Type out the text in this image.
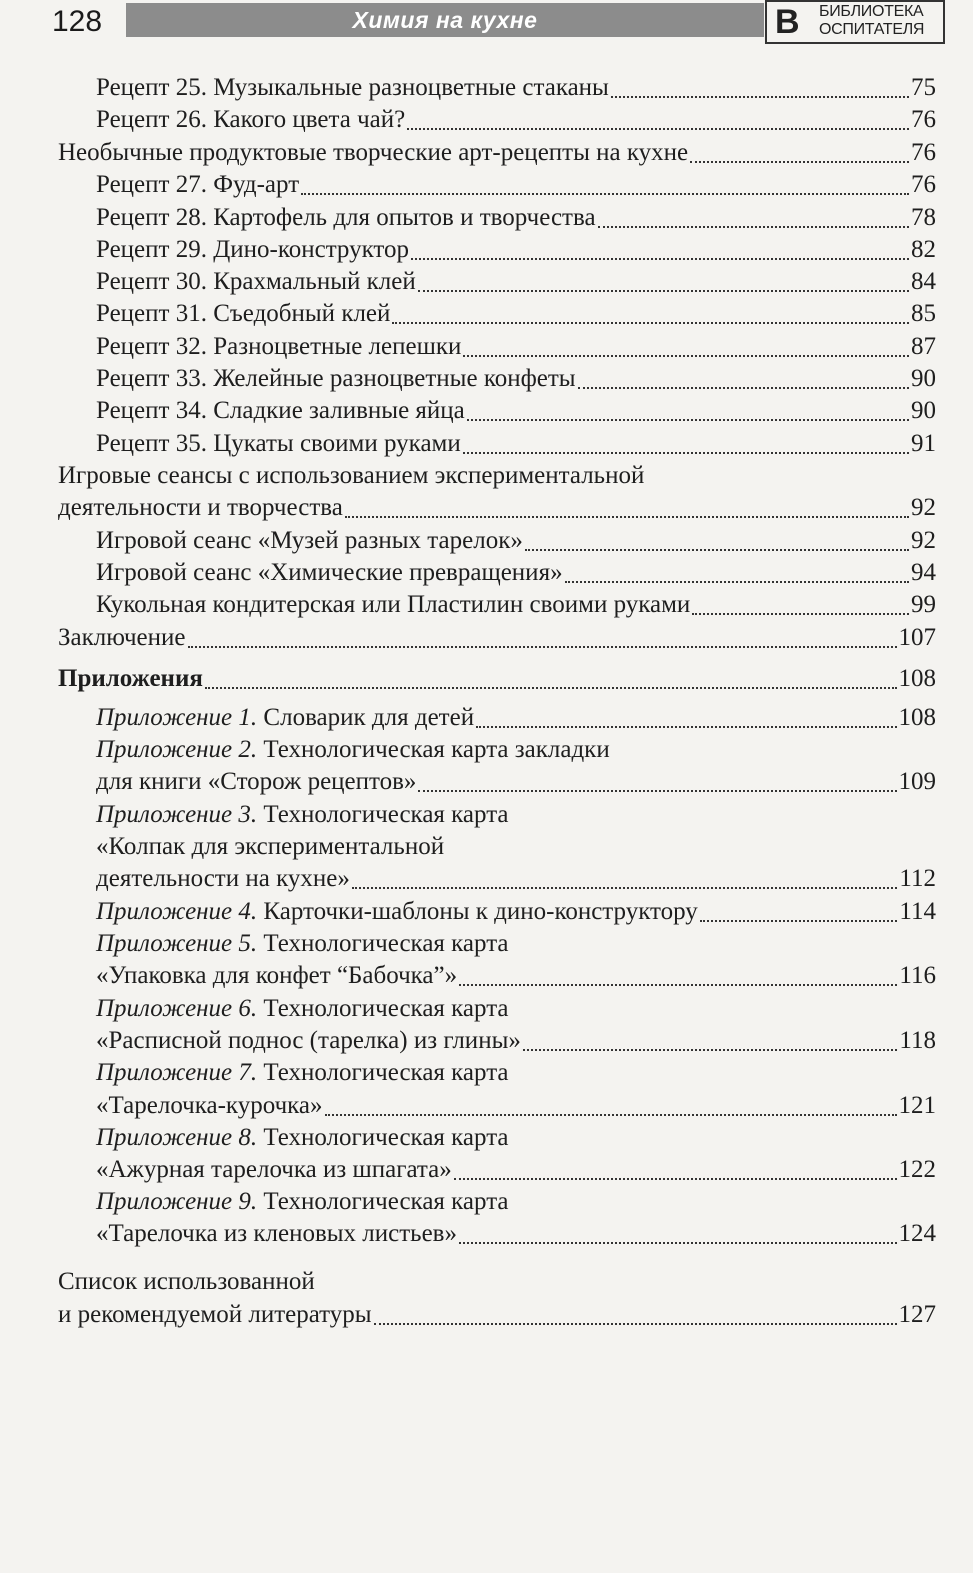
128	Химия на кухне	В	БИБЛИОТЕКА
ОСПИТАТЕЛЯ
Рецепт 25. Музыкальные разноцветные стаканы	75
Рецепт 26. Какого цвета чай?	76
Необычные продуктовые творческие арт-рецепты на кухне	76
Рецепт 27. Фуд-арт	76
Рецепт 28. Картофель для опытов и творчества	78
Рецепт 29. Дино-конструктор	82
Рецепт 30. Крахмальный клей	84
Рецепт 31. Съедобный клей	85
Рецепт 32. Разноцветные лепешки	87
Рецепт 33. Желейные разноцветные конфеты	90
Рецепт 34. Сладкие заливные яйца	90
Рецепт 35. Цукаты своими руками	91
Игровые сеансы с использованием экспериментальной
деятельности и творчества	92
Игровой сеанс «Музей разных тарелок»	92
Игровой сеанс «Химические превращения»	94
Кукольная кондитерская или Пластилин своими руками	99
Заключение	107
Приложения	108
Приложение 1. Словарик для детей	108
Приложение 2. Технологическая карта закладки
для книги «Сторож рецептов»	109
Приложение 3. Технологическая карта
«Колпак для экспериментальной
деятельности на кухне»	112
Приложение 4. Карточки-шаблоны к дино-конструктору	114
Приложение 5. Технологическая карта
«Упаковка для конфет “Бабочка”»	116
Приложение 6. Технологическая карта
«Расписной поднос (тарелка) из глины»	118
Приложение 7. Технологическая карта
«Тарелочка-курочка»	121
Приложение 8. Технологическая карта
«Ажурная тарелочка из шпагата»	122
Приложение 9. Технологическая карта
«Тарелочка из кленовых листьев»	124
Список использованной
и рекомендуемой литературы	127
